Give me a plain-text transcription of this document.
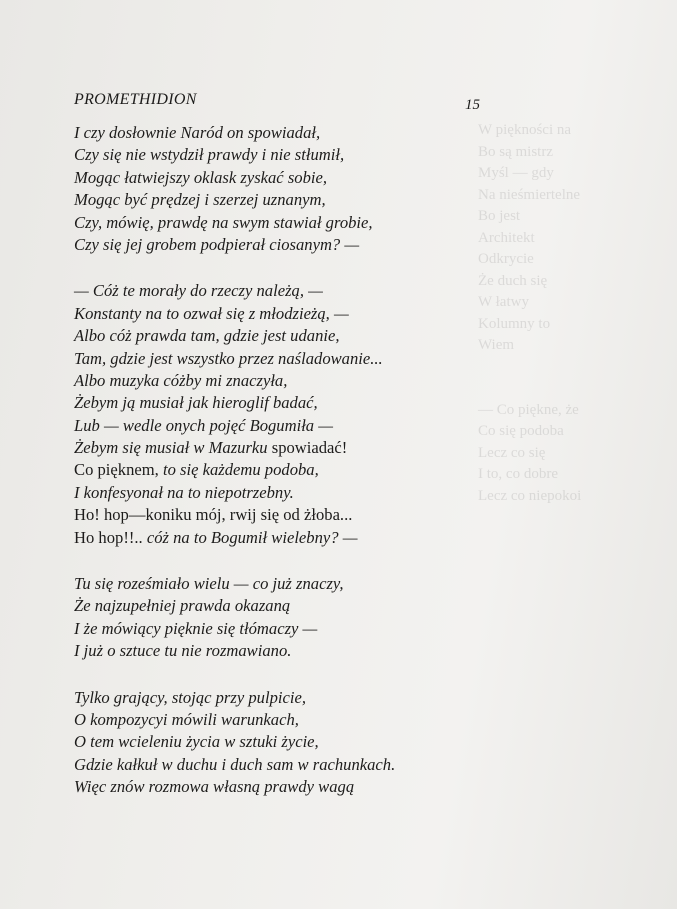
W piękności na
Bo są mistrz
Myśl — gdy
Na nieśmiertelne
Bo jest
Architekt
Odkrycie
Że duch się
W łatwy
Kolumny to
Wiem

— Co piękne, że
Co się podoba
Lecz co się
I to, co dobre
Lecz co niepokoi
PROMETHIDION	15
I czy dosłownie Naród on spowiadał,
Czy się nie wstydził prawdy i nie stłumił,
Mogąc łatwiejszy oklask zyskać sobie,
Mogąc być prędzej i szerzej uznanym,
Czy, mówię, prawdę na swym stawiał grobie,
Czy się jej grobem podpierał ciosanym? —
— Cóż te morały do rzeczy należą, —
Konstanty na to ozwał się z młodzieżą, —
Albo cóż prawda tam, gdzie jest udanie,
Tam, gdzie jest wszystko przez naśladowanie...
Albo muzyka cóżby mi znaczyła,
Żebym ją musiał jak hieroglif badać,
Lub — wedle onych pojęć Bogumiła —
Żebym się musiał w Mazurku spowiadać!
Co pięknem, to się każdemu podoba,
I konfesyonał na to niepotrzebny.
Ho! hop—koniku mój, rwij się od żłoba...
Ho hop!!.. cóż na to Bogumił wielebny? —
Tu się roześmiało wielu — co już znaczy,
Że najzupełniej prawda okazaną
I że mówiący pięknie się tłómaczy —
I już o sztuce tu nie rozmawiano.
Tylko grający, stojąc przy pulpicie,
O kompozycyi mówili warunkach,
O tem wcieleniu życia w sztuki życie,
Gdzie kałkuł w duchu i duch sam w rachunkach.
Więc znów rozmowa własną prawdy wagą
